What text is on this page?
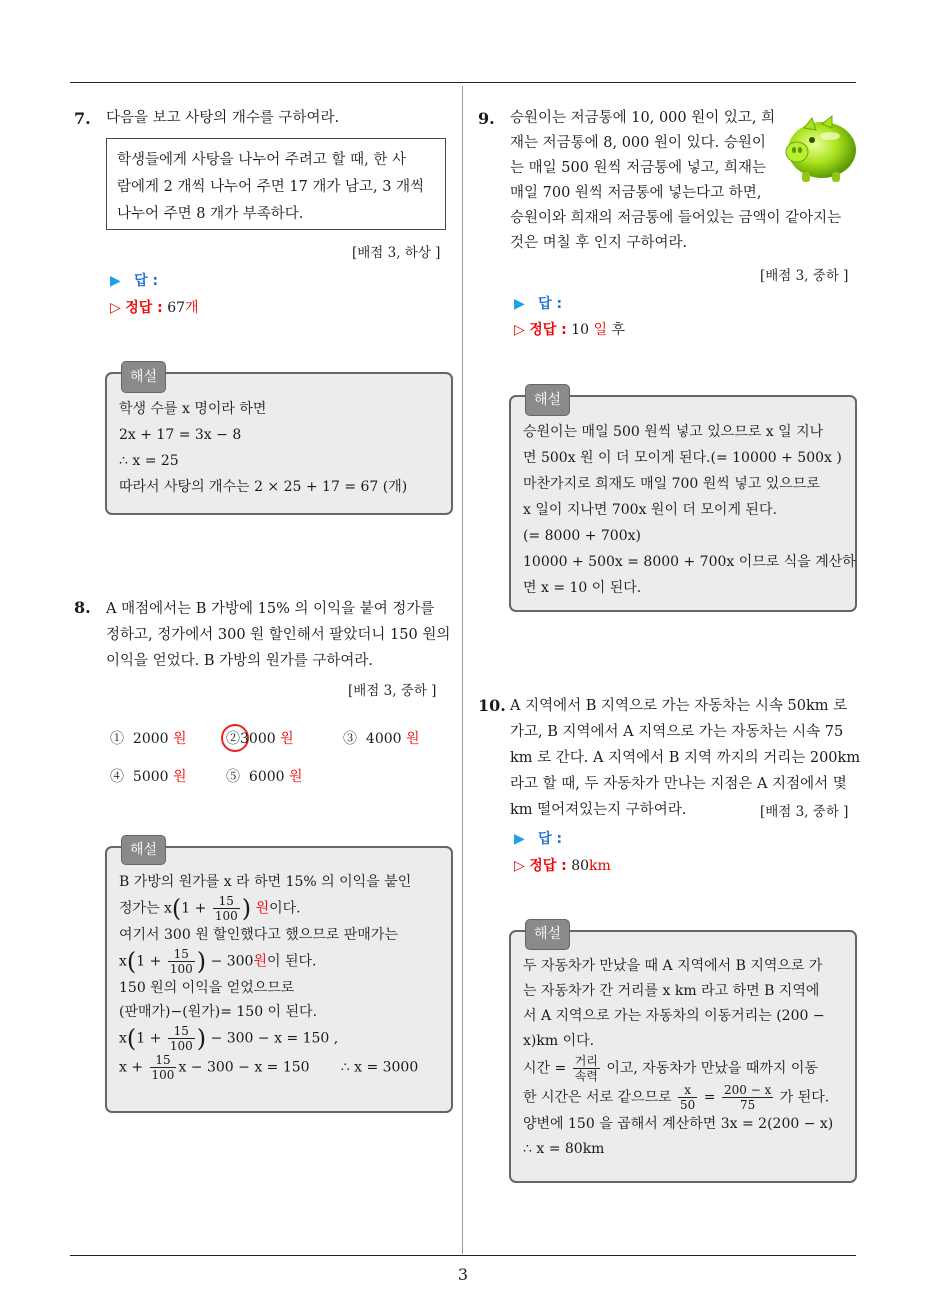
7. 다음을 보고 사탕의 개수를 구하여라.
학생들에게 사탕을 나누어 주려고 할 때, 한 사
람에게 2 개씩 나누어 주면 17 개가 남고, 3 개씩
나누어 주면 8 개가 부족하다.
[배점 3, 하상 ]
▶ 답 :
▷ 정답 : 67개
해설
학생 수를 x 명이라 하면
2x + 17 = 3x − 8
∴ x = 25
따라서 사탕의 개수는 2 × 25 + 17 = 67 (개)
8. A 매점에서는 B 가방에 15% 의 이익을 붙여 정가를
정하고, 정가에서 300 원 할인해서 팔았더니 150 원의
이익을 얻었다. B 가방의 원가를 구하여라.
[배점 3, 중하 ]
① 2000 원	②3000 원	③ 4000 원
④ 5000 원	⑤ 6000 원
해설
B 가방의 원가를 x 라 하면 15% 의 이익을 붙인
정가는 $x(1 + \frac{15}{100}$ ) 원이다.
여기서 300 원 할인했다고 했으므로 판매가는
$x(1 + \frac{15}{100}$ ) − 300원이 된다.
150 원의 이익을 얻었으므로
(판매가)−(원가)= 150 이 된다.
$x(1 + \frac{15}{100}$ ) − 300 − x = 150 ,
$x + \frac{15}{100}$ x − 300 − x = 150 ∴ x = 3000
9. 승원이는 저금통에 10, 000 원이 있고, 희
재는 저금통에 8, 000 원이 있다. 승원이
는 매일 500 원씩 저금통에 넣고, 희재는
매일 700 원씩 저금통에 넣는다고 하면,
승원이와 희재의 저금통에 들어있는 금액이 같아지는
것은 며칠 후 인지 구하여라.
[배점 3, 중하 ]
▶ 답 :
▷ 정답 : 10 일 후
해설
승원이는 매일 500 원씩 넣고 있으므로 x 일 지나
면 500x 원 이 더 모이게 된다.(= 10000 + 500x )
마찬가지로 희재도 매일 700 원씩 넣고 있으므로
x 일이 지나면 700x 원이 더 모이게 된다.
(= 8000 + 700x)
10000 + 500x = 8000 + 700x 이므로 식을 계산하
면 x = 10 이 된다.
10. A 지역에서 B 지역으로 가는 자동차는 시속 50km 로
가고, B 지역에서 A 지역으로 가는 자동차는 시속 75
km 로 간다. A 지역에서 B 지역 까지의 거리는 200km
라고 할 때, 두 자동차가 만나는 지점은 A 지점에서 몇
km 떨어져있는지 구하여라.	[배점 3, 중하 ]
▶ 답 :
▷ 정답 : 80km
해설
두 자동차가 만났을 때 A 지역에서 B 지역으로 가
는 자동차가 간 거리를 x km 라고 하면 B 지역에
서 A 지역으로 가는 자동차의 이동거리는 (200 −
x)km 이다.
시간 = $\frac{\text{거리}}{\text{속력}}$ 이고, 자동차가 만났을 때까지 이동
한 시간은 서로 같으므로 $\frac{x}{50} = \frac{200 - x}{75}$ 가 된다.
양변에 150 을 곱해서 계산하면 3x = 2(200 − x)
∴ x = 80km
3
